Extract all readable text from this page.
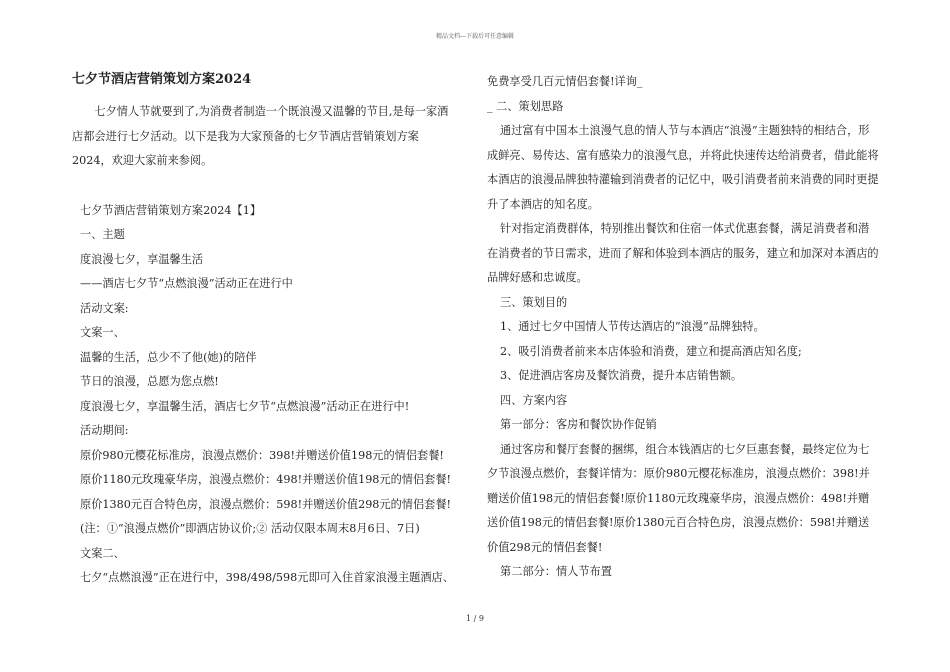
精品文档---下载后可任意编辑
七夕节酒店营销策划方案2024

七夕情人节就要到了,为消费者制造一个既浪漫又温馨的节目,是每一家酒店都会进行七夕活动。以下是我为大家预备的七夕节酒店营销策划方案2024，欢迎大家前来参阅。

七夕节酒店营销策划方案2024【1】

一、主题

度浪漫七夕，享温馨生活

——酒店七夕节“点燃浪漫”活动正在进行中

活动文案:

文案一、

温馨的生活，总少不了他(她)的陪伴

节日的浪漫，总愿为您点燃!

度浪漫七夕，享温馨生活，酒店七夕节“点燃浪漫”活动正在进行中!

活动期间:

原价980元樱花标准房，浪漫点燃价：398!并赠送价值198元的情侣套餐!

原价1180元玫瑰豪华房，浪漫点燃价：498!并赠送价值198元的情侣套餐!

原价1380元百合特色房，浪漫点燃价：598!并赠送价值298元的情侣套餐!

(注：①“浪漫点燃价”即酒店协议价;② 活动仅限本周末8月6日、7日)

文案二、

七夕“点燃浪漫”正在进行中，398/498/598元即可入住首家浪漫主题酒店、

免费享受几百元情侣套餐!详询_

_ 二、策划思路

通过富有中国本土浪漫气息的情人节与本酒店“浪漫”主题独特的相结合，形成鲜亮、易传达、富有感染力的浪漫气息，并将此快速传达给消费者，借此能将本酒店的浪漫品牌独特灌输到消费者的记忆中，吸引消费者前来消费的同时更提升了本酒店的知名度。

针对指定消费群体，特别推出餐饮和住宿一体式优惠套餐，满足消费者和潜在消费者的节日需求，进而了解和体验到本酒店的服务，建立和加深对本酒店的品牌好感和忠诚度。

三、策划目的

1、通过七夕中国情人节传达酒店的“浪漫”品牌独特。

2、吸引消费者前来本店体验和消费，建立和提高酒店知名度;

3、促进酒店客房及餐饮消费，提升本店销售额。

四、方案内容

第一部分：客房和餐饮协作促销

通过客房和餐厅套餐的捆绑，组合本钱酒店的七夕巨惠套餐，最终定位为七夕节浪漫点燃价，套餐详情为：原价980元樱花标准房，浪漫点燃价：398!并赠送价值198元的情侣套餐!原价1180元玫瑰豪华房，浪漫点燃价：498!并赠送价值198元的情侣套餐!原价1380元百合特色房，浪漫点燃价：598!并赠送价值298元的情侣套餐!

第二部分：情人节布置

1 / 9
